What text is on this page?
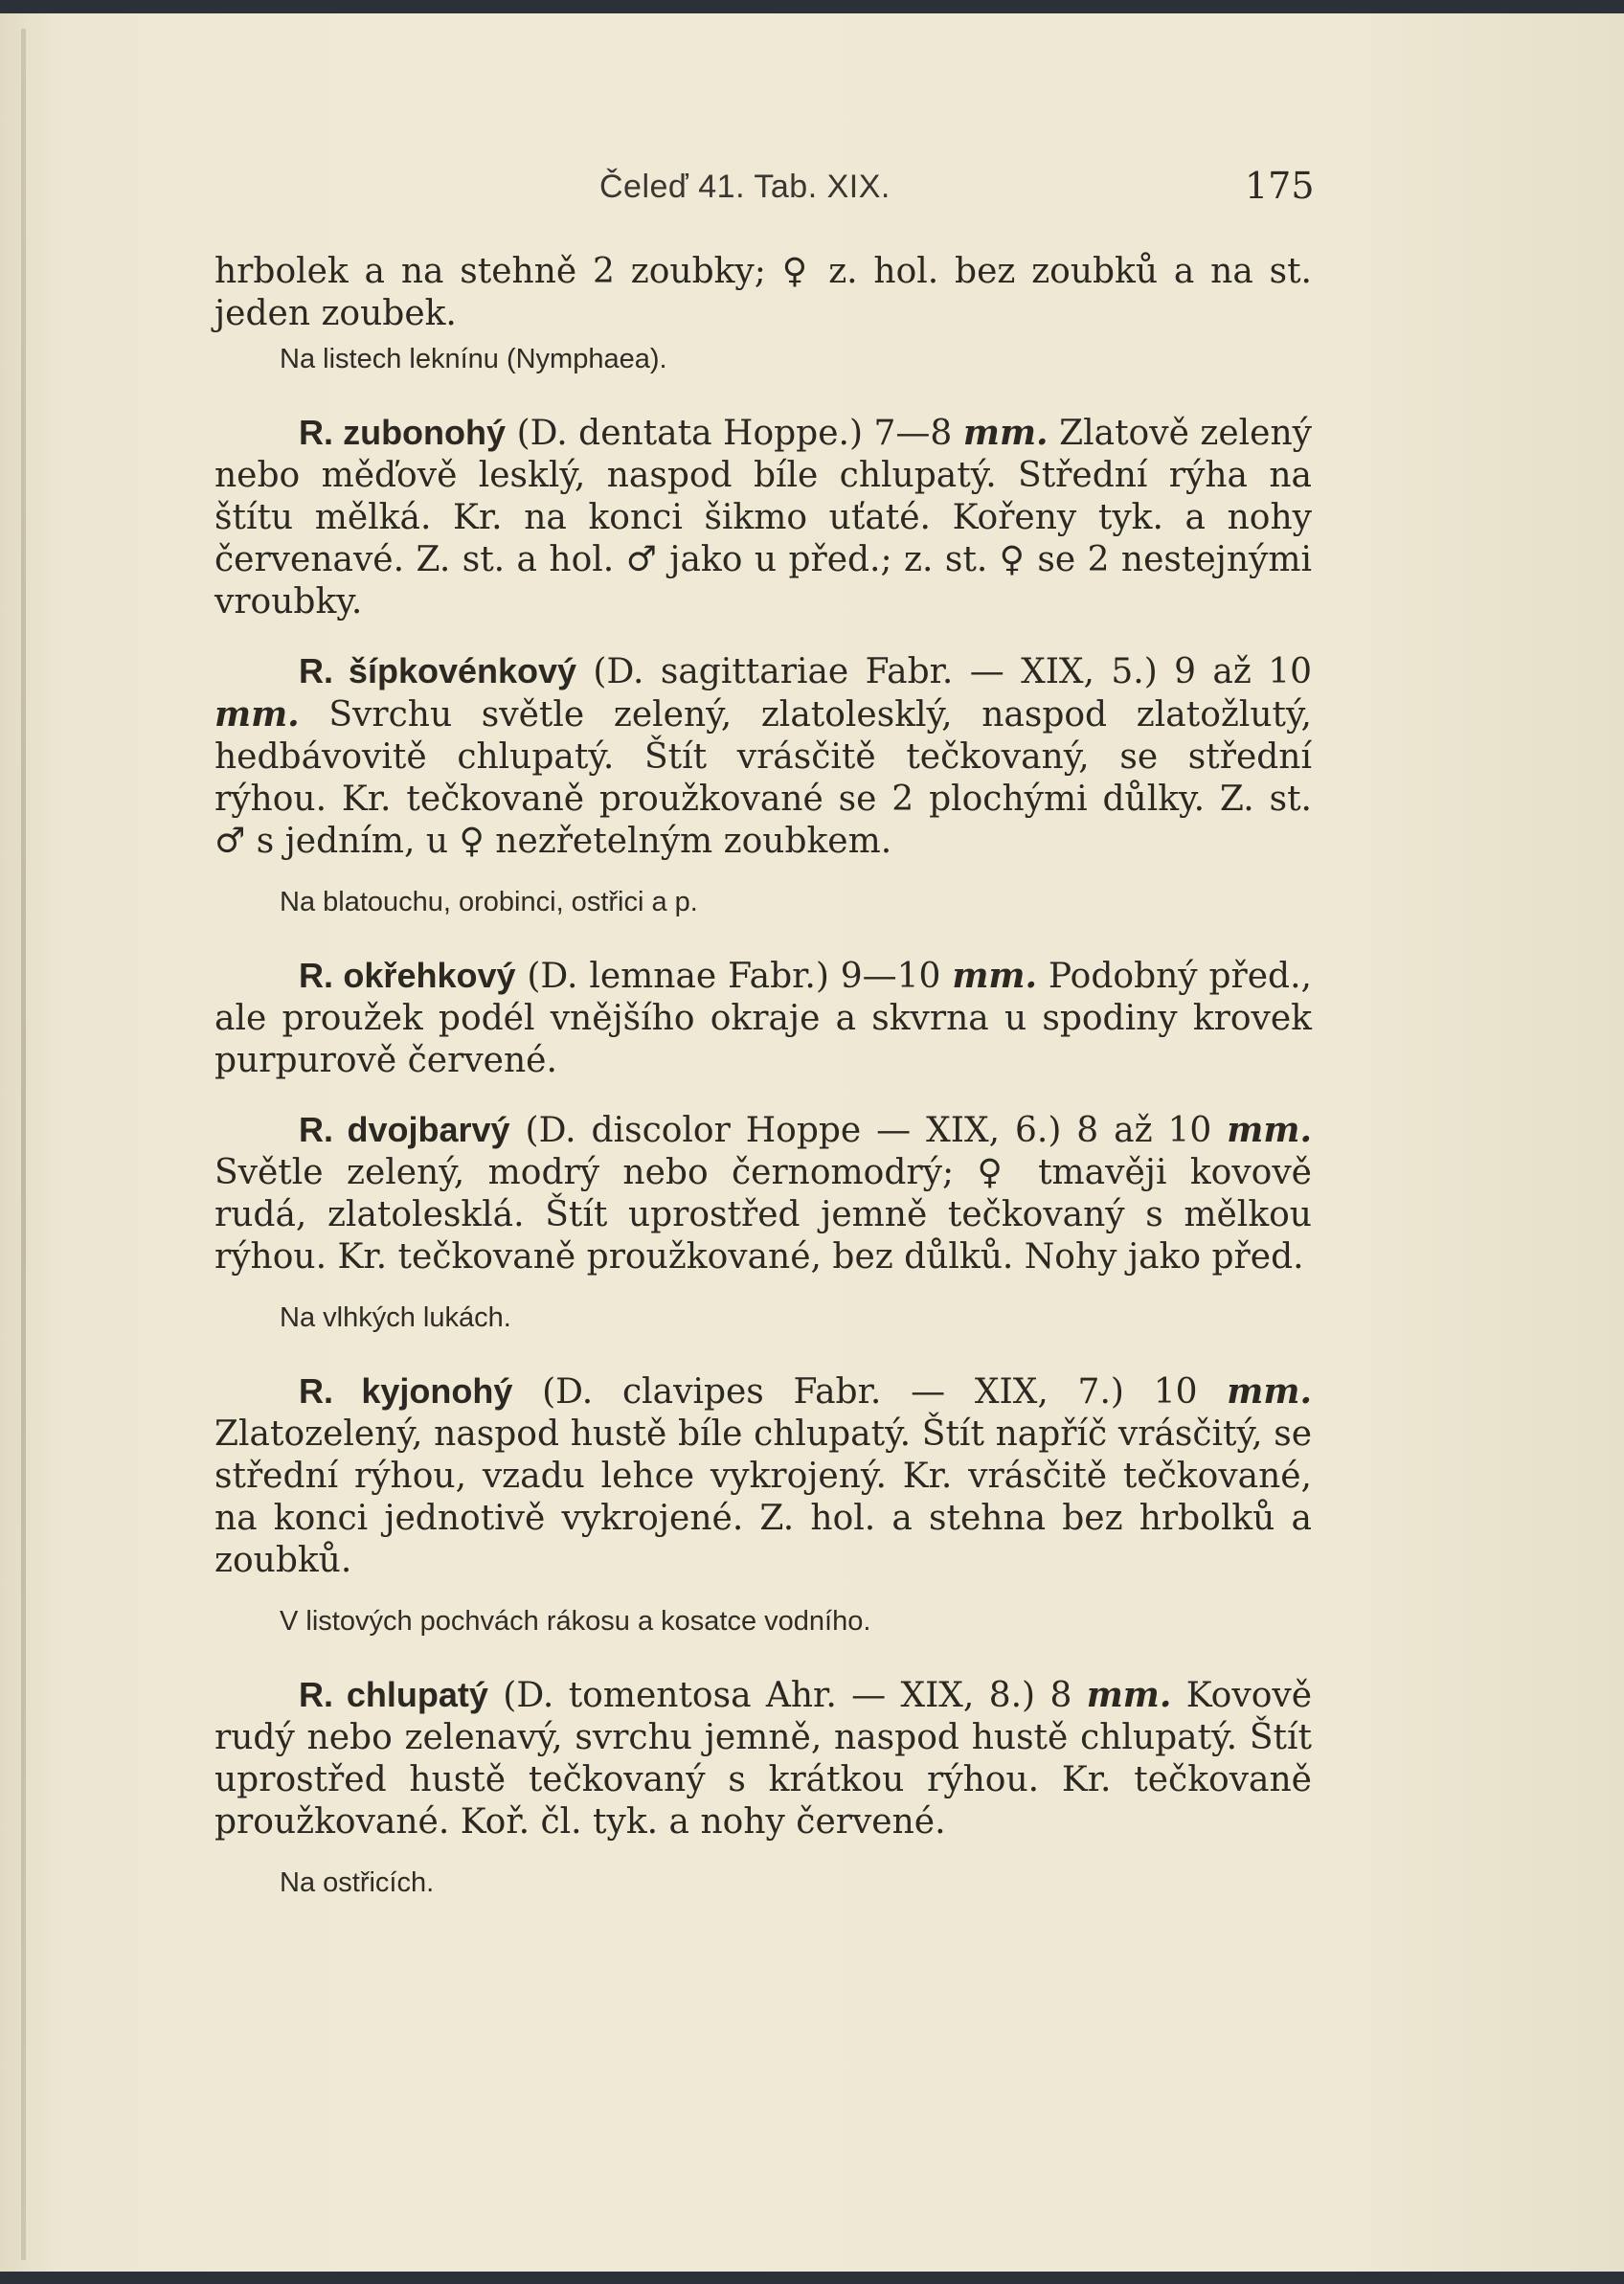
Čeleď 41. Tab. XIX.	175

hrbolek a na stehně 2 zoubky; ♀ z. hol. bez zoubků a na st. jeden zoubek.

Na listech leknínu (Nymphaea).

R. zubonohý (D. dentata Hoppe.) 7—8 mm. Zlatově zelený nebo měďově lesklý, naspod bíle chlupatý. Střední rýha na štítu mělká. Kr. na konci šikmo uťaté. Kořeny tyk. a nohy červenavé. Z. st. a hol. ♂ jako u před.; z. st. ♀ se 2 nestejnými vroubky.

R. šípkovénkový (D. sagittariae Fabr. — XIX, 5.) 9 až 10 mm. Svrchu světle zelený, zlatolesklý, naspod zlatožlutý, hedbávovitě chlupatý. Štít vrásčitě tečkovaný, se střední rýhou. Kr. tečkovaně proužkované se 2 plochými důlky. Z. st. ♂ s jedním, u ♀ nezřetelným zoubkem.

Na blatouchu, orobinci, ostřici a p.

R. okřehkový (D. lemnae Fabr.) 9—10 mm. Podobný před., ale proužek podél vnějšího okraje a skvrna u spodiny krovek purpurově červené.

R. dvojbarvý (D. discolor Hoppe — XIX, 6.) 8 až 10 mm. Světle zelený, modrý nebo černomodrý; ♀ tmavěji kovově rudá, zlatolesklá. Štít uprostřed jemně tečkovaný s mělkou rýhou. Kr. tečkovaně proužkované, bez důlků. Nohy jako před.

Na vlhkých lukách.

R. kyjonohý (D. clavipes Fabr. — XIX, 7.) 10 mm. Zlatozelený, naspod hustě bíle chlupatý. Štít napříč vrásčitý, se střední rýhou, vzadu lehce vykrojený. Kr. vrásčitě tečkované, na konci jednotivě vykrojené. Z. hol. a stehna bez hrbolků a zoubků.

V listových pochvách rákosu a kosatce vodního.

R. chlupatý (D. tomentosa Ahr. — XIX, 8.) 8 mm. Kovově rudý nebo zelenavý, svrchu jemně, naspod hustě chlupatý. Štít uprostřed hustě tečkovaný s krátkou rýhou. Kr. tečkovaně proužkované. Koř. čl. tyk. a nohy červené.

Na ostřicích.
